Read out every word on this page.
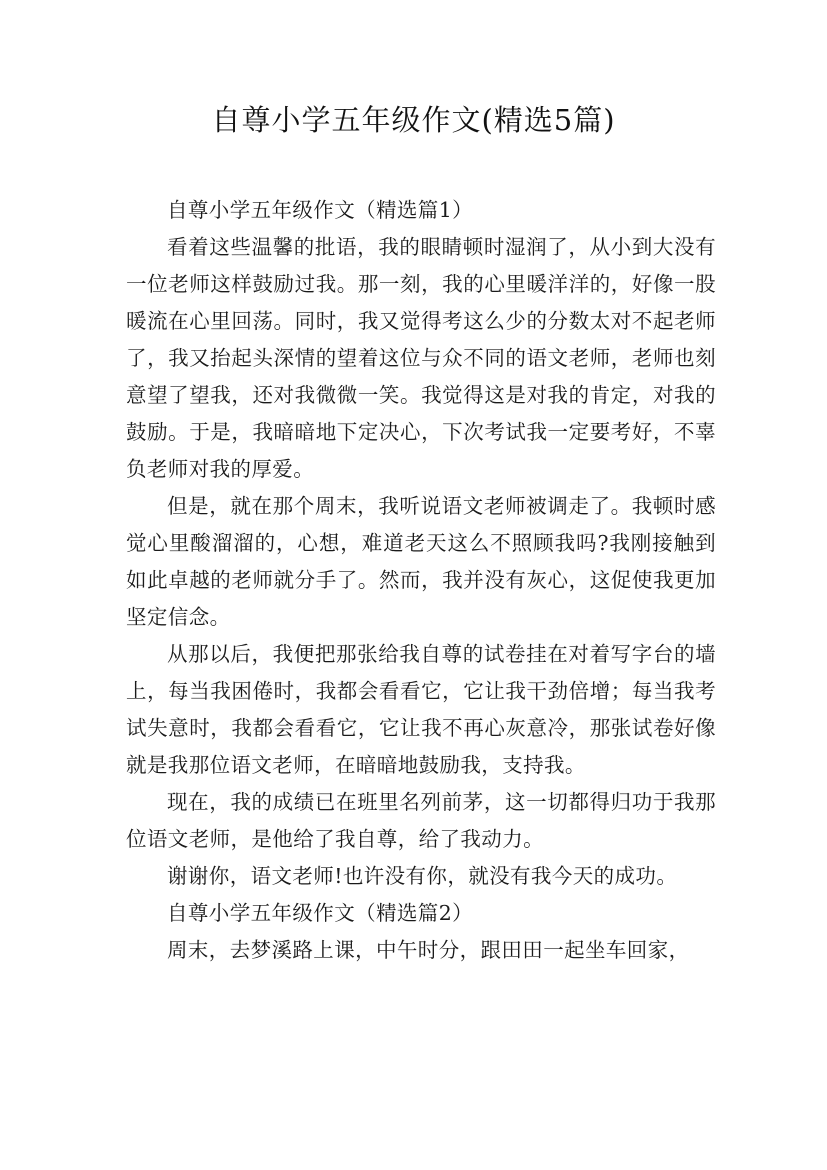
自尊小学五年级作文(精选5篇)
自尊小学五年级作文（精选篇1）

看着这些温馨的批语，我的眼睛顿时湿润了，从小到大没有一位老师这样鼓励过我。那一刻，我的心里暖洋洋的，好像一股暖流在心里回荡。同时，我又觉得考这么少的分数太对不起老师了，我又抬起头深情的望着这位与众不同的语文老师，老师也刻意望了望我，还对我微微一笑。我觉得这是对我的肯定，对我的鼓励。于是，我暗暗地下定决心，下次考试我一定要考好，不辜负老师对我的厚爱。

但是，就在那个周末，我听说语文老师被调走了。我顿时感觉心里酸溜溜的，心想，难道老天这么不照顾我吗?我刚接触到如此卓越的老师就分手了。然而，我并没有灰心，这促使我更加坚定信念。

从那以后，我便把那张给我自尊的试卷挂在对着写字台的墙上，每当我困倦时，我都会看看它，它让我干劲倍增；每当我考试失意时，我都会看看它，它让我不再心灰意冷，那张试卷好像就是我那位语文老师，在暗暗地鼓励我，支持我。

现在，我的成绩已在班里名列前茅，这一切都得归功于我那位语文老师，是他给了我自尊，给了我动力。

谢谢你，语文老师!也许没有你，就没有我今天的成功。

自尊小学五年级作文（精选篇2）

周末，去梦溪路上课，中午时分，跟田田一起坐车回家，
